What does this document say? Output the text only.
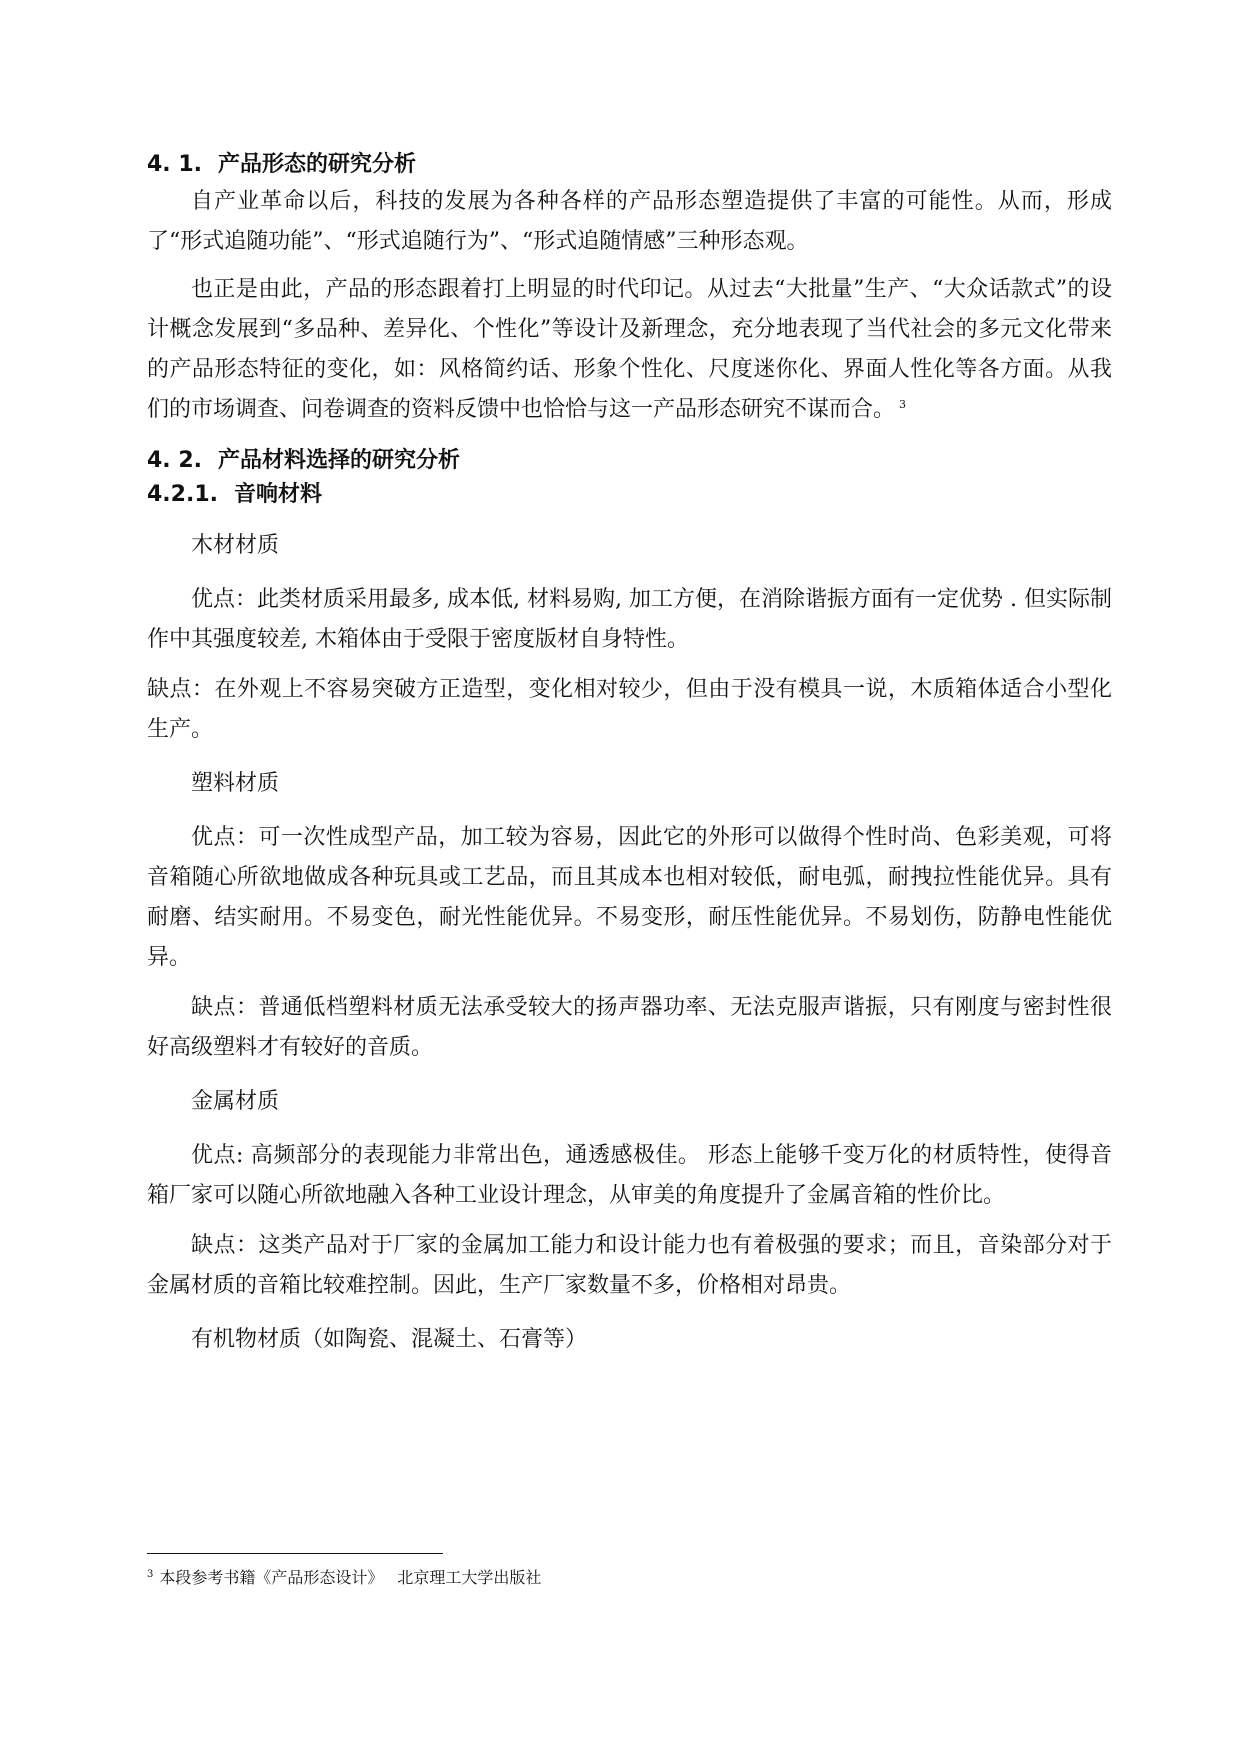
4. 1. 产品形态的研究分析

自产业革命以后，科技的发展为各种各样的产品形态塑造提供了丰富的可能性。从而，形成了“形式追随功能”、“形式追随行为”、“形式追随情感”三种形态观。

也正是由此，产品的形态跟着打上明显的时代印记。从过去“大批量”生产、“大众话款式”的设计概念发展到“多品种、差异化、个性化”等设计及新理念，充分地表现了当代社会的多元文化带来的产品形态特征的变化，如：风格简约话、形象个性化、尺度迷你化、界面人性化等各方面。从我们的市场调查、问卷调查的资料反馈中也恰恰与这一产品形态研究不谋而合。 $^3$

4. 2. 产品材料选择的研究分析
4.2.1. 音响材料

木材材质

优点：此类材质采用最多, 成本低, 材料易购, 加工方便，在消除谐振方面有一定优势 . 但实际制作中其强度较差, 木箱体由于受限于密度版材自身特性。

缺点：在外观上不容易突破方正造型，变化相对较少，但由于没有模具一说，木质箱体适合小型化生产。

塑料材质

优点：可一次性成型产品，加工较为容易，因此它的外形可以做得个性时尚、色彩美观，可将音箱随心所欲地做成各种玩具或工艺品，而且其成本也相对较低，耐电弧，耐拽拉性能优异。具有耐磨、结实耐用。不易变色，耐光性能优异。不易变形，耐压性能优异。不易划伤，防静电性能优异。

缺点：普通低档塑料材质无法承受较大的扬声器功率、无法克服声谐振，只有刚度与密封性很好高级塑料才有较好的音质。

金属材质

优点: 高频部分的表现能力非常出色，通透感极佳。 形态上能够千变万化的材质特性，使得音箱厂家可以随心所欲地融入各种工业设计理念，从审美的角度提升了金属音箱的性价比。

缺点：这类产品对于厂家的金属加工能力和设计能力也有着极强的要求；而且，音染部分对于金属材质的音箱比较难控制。因此，生产厂家数量不多，价格相对昂贵。

有机物材质（如陶瓷、混凝土、石膏等）

$^3$ 本段参考书籍《产品形态设计》 北京理工大学出版社
